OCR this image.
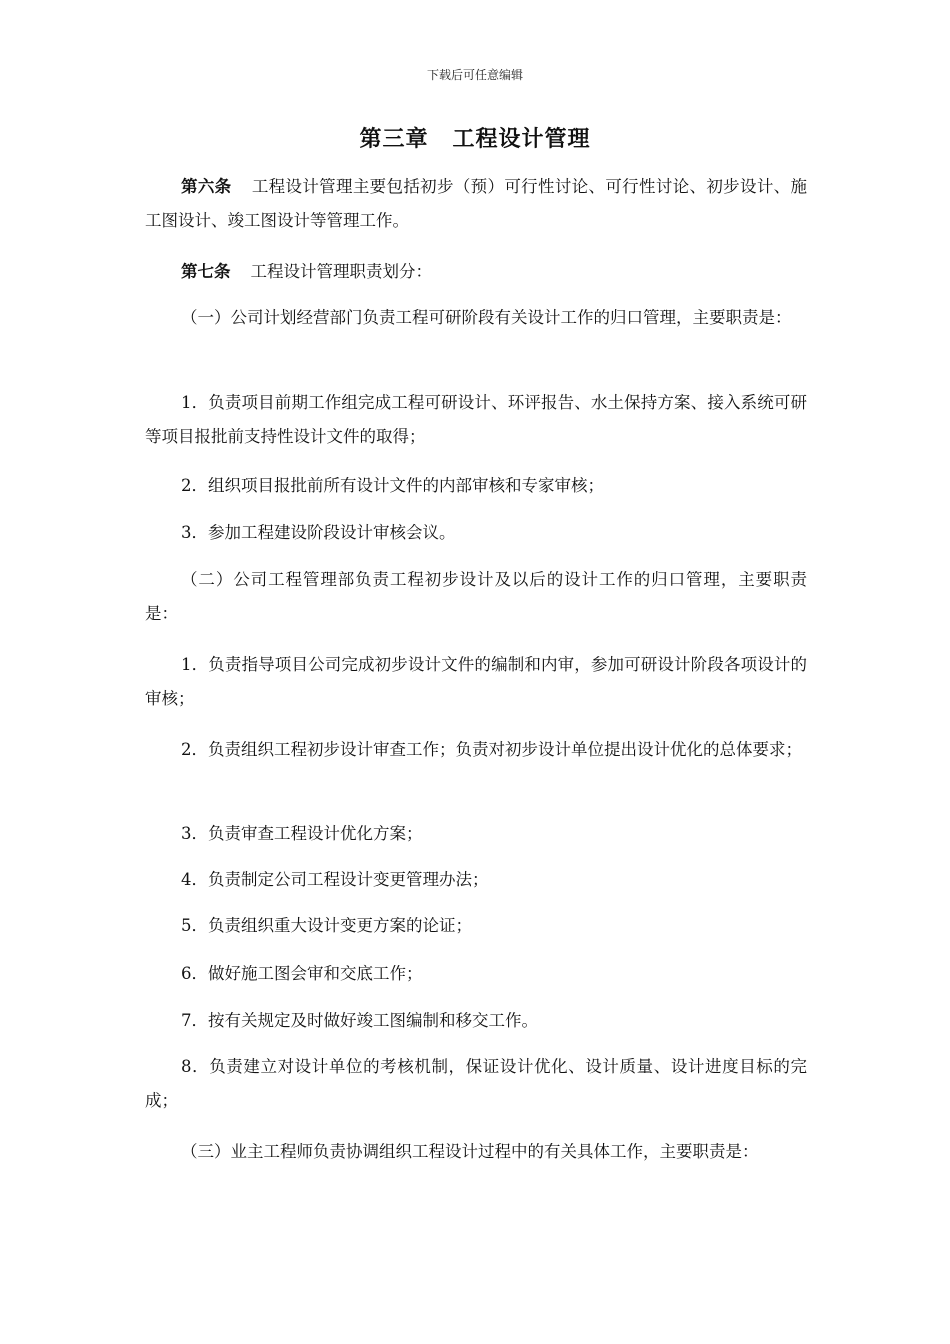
下载后可任意编辑
第三章 工程设计管理

第六条 工程设计管理主要包括初步（预）可行性讨论、可行性讨论、初步设计、施工图设计、竣工图设计等管理工作。

第七条 工程设计管理职责划分：

（一）公司计划经营部门负责工程可研阶段有关设计工作的归口管理，主要职责是：

1．负责项目前期工作组完成工程可研设计、环评报告、水土保持方案、接入系统可研等项目报批前支持性设计文件的取得；

2．组织项目报批前所有设计文件的内部审核和专家审核；

3．参加工程建设阶段设计审核会议。

（二）公司工程管理部负责工程初步设计及以后的设计工作的归口管理，主要职责是：

1．负责指导项目公司完成初步设计文件的编制和内审，参加可研设计阶段各项设计的审核；

2．负责组织工程初步设计审查工作；负责对初步设计单位提出设计优化的总体要求；

3．负责审查工程设计优化方案；

4．负责制定公司工程设计变更管理办法；

5．负责组织重大设计变更方案的论证；

6．做好施工图会审和交底工作；

7．按有关规定及时做好竣工图编制和移交工作。

8．负责建立对设计单位的考核机制，保证设计优化、设计质量、设计进度目标的完成；

（三）业主工程师负责协调组织工程设计过程中的有关具体工作，主要职责是：
